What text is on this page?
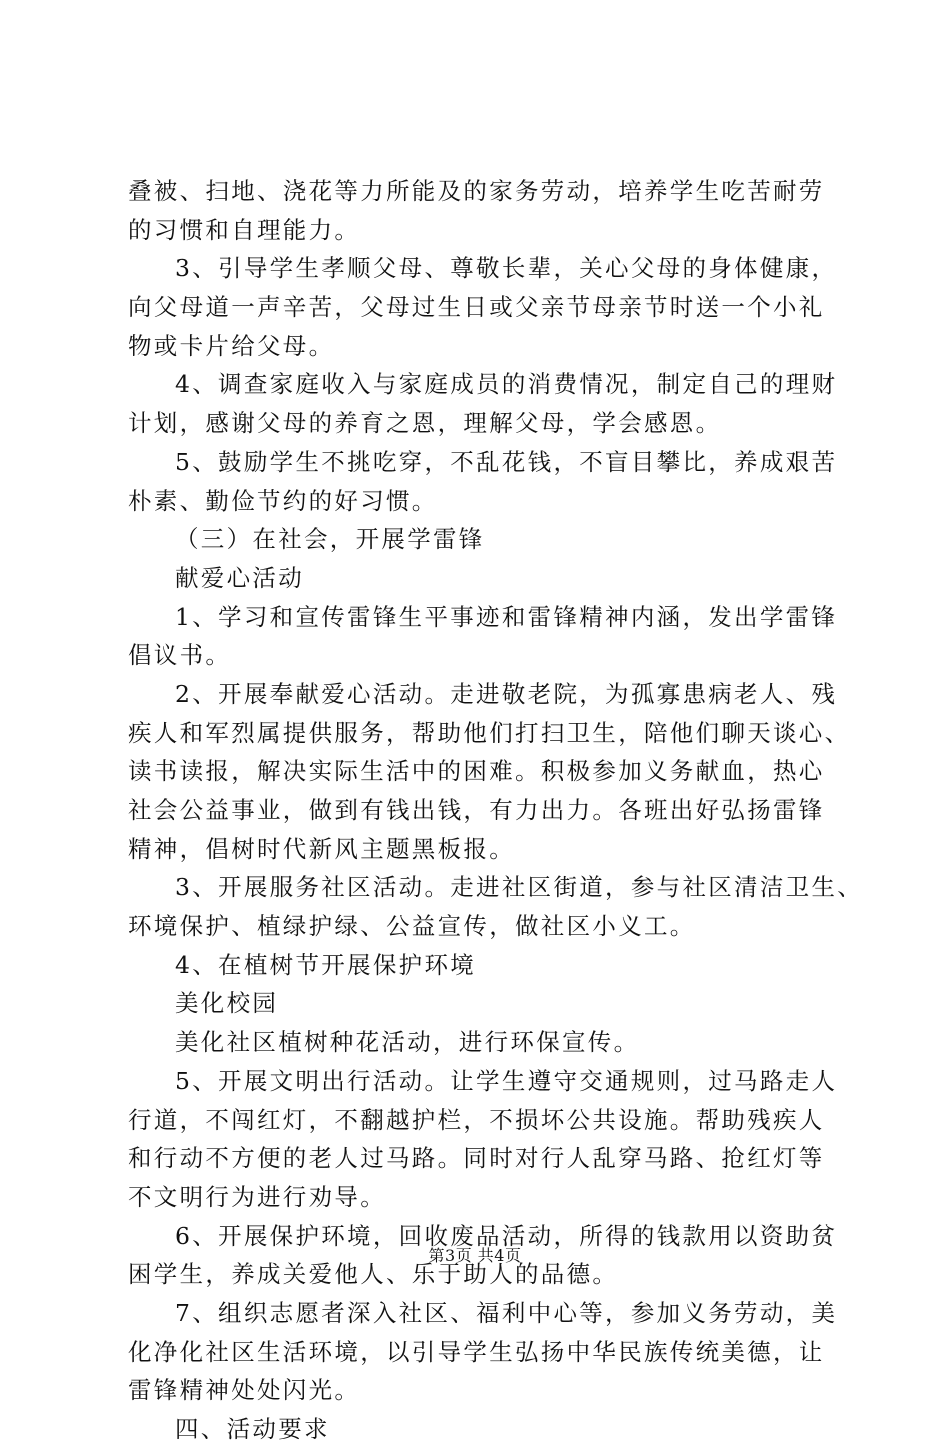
叠被、扫地、浇花等力所能及的家务劳动，培养学生吃苦耐劳
的习惯和自理能力。
3、引导学生孝顺父母、尊敬长辈，关心父母的身体健康，
向父母道一声辛苦，父母过生日或父亲节母亲节时送一个小礼
物或卡片给父母。
4、调查家庭收入与家庭成员的消费情况，制定自己的理财
计划，感谢父母的养育之恩，理解父母，学会感恩。
5、鼓励学生不挑吃穿，不乱花钱，不盲目攀比，养成艰苦
朴素、勤俭节约的好习惯。
（三）在社会，开展学雷锋
献爱心活动
1、学习和宣传雷锋生平事迹和雷锋精神内涵，发出学雷锋
倡议书。
2、开展奉献爱心活动。走进敬老院，为孤寡患病老人、残
疾人和军烈属提供服务，帮助他们打扫卫生，陪他们聊天谈心、
读书读报，解决实际生活中的困难。积极参加义务献血，热心
社会公益事业，做到有钱出钱，有力出力。各班出好弘扬雷锋
精神，倡树时代新风主题黑板报。
3、开展服务社区活动。走进社区街道，参与社区清洁卫生、
环境保护、植绿护绿、公益宣传，做社区小义工。
4、在植树节开展保护环境
美化校园
美化社区植树种花活动，进行环保宣传。
5、开展文明出行活动。让学生遵守交通规则，过马路走人
行道，不闯红灯，不翻越护栏，不损坏公共设施。帮助残疾人
和行动不方便的老人过马路。同时对行人乱穿马路、抢红灯等
不文明行为进行劝导。
6、开展保护环境，回收废品活动，所得的钱款用以资助贫
困学生，养成关爱他人、乐于助人的品德。
7、组织志愿者深入社区、福利中心等，参加义务劳动，美
化净化社区生活环境，以引导学生弘扬中华民族传统美德，让
雷锋精神处处闪光。
四、活动要求
第3页 共4页
